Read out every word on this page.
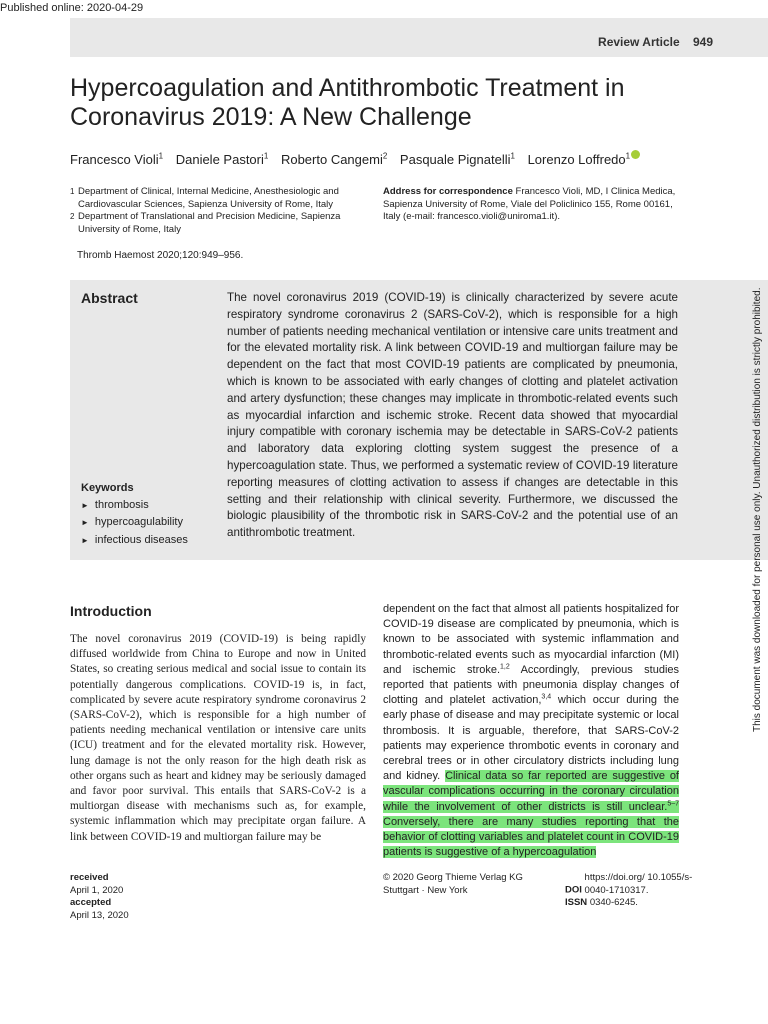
Published online: 2020-04-29
Review Article 949
Hypercoagulation and Antithrombotic Treatment in Coronavirus 2019: A New Challenge
Francesco Violi$^1$ Daniele Pastori$^1$ Roberto Cangemi$^2$ Pasquale Pignatelli$^1$ Lorenzo Loffredo$^1$
1 Department of Clinical, Internal Medicine, Anesthesiologic and Cardiovascular Sciences, Sapienza University of Rome, Italy
2 Department of Translational and Precision Medicine, Sapienza University of Rome, Italy
Address for correspondence Francesco Violi, MD, I Clinica Medica, Sapienza University of Rome, Viale del Policlinico 155, Rome 00161, Italy (e-mail: francesco.violi@uniroma1.it).
Thromb Haemost 2020;120:949–956.
Abstract	The novel coronavirus 2019 (COVID-19) is clinically characterized by severe acute respiratory syndrome coronavirus 2 (SARS-CoV-2), which is responsible for a high number of patients needing mechanical ventilation or intensive care units treatment and for the elevated mortality risk. A link between COVID-19 and multiorgan failure may be dependent on the fact that most COVID-19 patients are complicated by pneumonia, which is known to be associated with early changes of clotting and platelet activation and artery dysfunction; these changes may implicate in thrombotic-related events such as myocardial infarction and ischemic stroke. Recent data showed that myocardial injury compatible with coronary ischemia may be detectable in SARS-CoV-2 patients and laboratory data exploring clotting system suggest the presence of a hypercoagulation state. Thus, we performed a systematic review of COVID-19 literature reporting measures of clotting activation to assess if changes are detectable in this setting and their relationship with clinical severity. Furthermore, we discussed the biologic plausibility of the thrombotic risk in SARS-CoV-2 and the potential use of an antithrombotic treatment.
Keywords
► thrombosis
► hypercoagulability
► infectious diseases	This document was downloaded for personal use only. Unauthorized distribution is strictly prohibited.
Introduction
The novel coronavirus 2019 (COVID-19) is being rapidly diffused worldwide from China to Europe and now in United States, so creating serious medical and social issue to contain its potentially dangerous complications. COVID-19 is, in fact, complicated by severe acute respiratory syndrome coronavirus 2 (SARS-CoV-2), which is responsible for a high number of patients needing mechanical ventilation or intensive care units (ICU) treatment and for the elevated mortality risk. However, lung damage is not the only reason for the high death risk as other organs such as heart and kidney may be seriously damaged and favor poor survival. This entails that SARS-CoV-2 is a multiorgan disease with mechanisms such as, for example, systemic inflammation which may precipitate organ failure. A link between COVID-19 and multiorgan failure may be
dependent on the fact that almost all patients hospitalized for COVID-19 disease are complicated by pneumonia, which is known to be associated with systemic inflammation and thrombotic-related events such as myocardial infarction (MI) and ischemic stroke.$^{1,2}$ Accordingly, previous studies reported that patients with pneumonia display changes of clotting and platelet activation,$^{3,4}$ which occur during the early phase of disease and may precipitate systemic or local thrombosis. It is arguable, therefore, that SARS-CoV-2 patients may experience thrombotic events in coronary and cerebral trees or in other circulatory districts including lung and kidney. Clinical data so far reported are suggestive of vascular complications occurring in the coronary circulation while the involvement of other districts is still unclear.$^{5-7}$ Conversely, there are many studies reporting that the behavior of clotting variables and platelet count in COVID-19 patients is suggestive of a hypercoagulation
received
April 1, 2020
accepted
April 13, 2020
© 2020 Georg Thieme Verlag KG
Stuttgart · New York	DOI https://doi.org/ 10.1055/s-0040-1710317.
ISSN 0340-6245.
